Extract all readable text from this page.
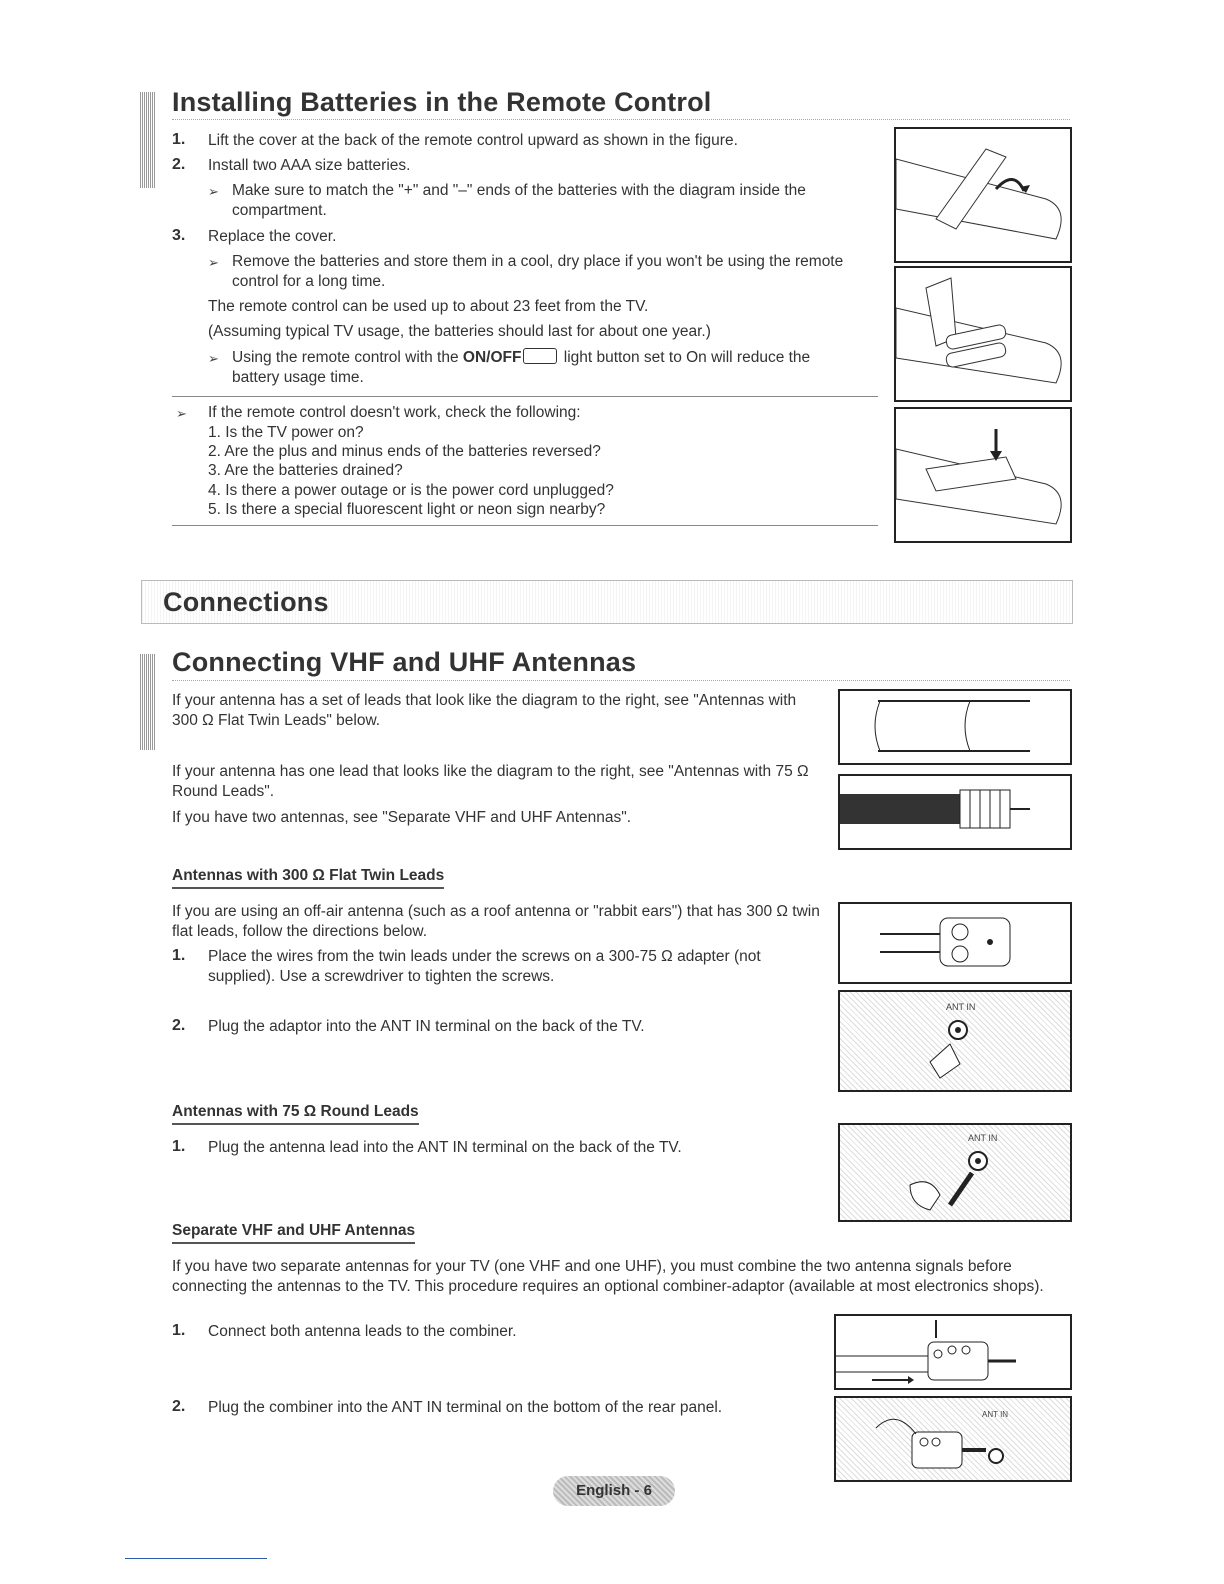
Installing Batteries in the Remote Control
1. Lift the cover at the back of the remote control upward as shown in the figure.
2. Install two AAA size batteries.
➢ Make sure to match the "+" and "–" ends of the batteries with the diagram inside the compartment.
3. Replace the cover.
➢ Remove the batteries and store them in a cool, dry place if you won't be using the remote control for a long time.
The remote control can be used up to about 23 feet from the TV.
(Assuming typical TV usage, the batteries should last for about one year.)
➢ Using the remote control with the ON/OFF light button set to On will reduce the battery usage time.
➢ If the remote control doesn't work, check the following:
1. Is the TV power on?
2. Are the plus and minus ends of the batteries reversed?
3. Are the batteries drained?
4. Is there a power outage or is the power cord unplugged?
5. Is there a special fluorescent light or neon sign nearby?
Connections
Connecting VHF and UHF Antennas
If your antenna has a set of leads that look like the diagram to the right, see "Antennas with 300 Ω Flat Twin Leads" below.
If your antenna has one lead that looks like the diagram to the right, see "Antennas with 75 Ω Round Leads".
If you have two antennas, see "Separate VHF and UHF Antennas".
Antennas with 300 Ω Flat Twin Leads
If you are using an off-air antenna (such as a roof antenna or "rabbit ears") that has 300 Ω twin flat leads, follow the directions below.
1. Place the wires from the twin leads under the screws on a 300-75 Ω adapter (not supplied). Use a screwdriver to tighten the screws.
2. Plug the adaptor into the ANT IN terminal on the back of the TV.
ANT IN
Antennas with 75 Ω Round Leads
1. Plug the antenna lead into the ANT IN terminal on the back of the TV.
ANT IN
Separate VHF and UHF Antennas
If you have two separate antennas for your TV (one VHF and one UHF), you must combine the two antenna signals before connecting the antennas to the TV. This procedure requires an optional combiner-adaptor (available at most electronics shops).
1. Connect both antenna leads to the combiner.
2. Plug the combiner into the ANT IN terminal on the bottom of the rear panel.	ANT IN
English - 6
